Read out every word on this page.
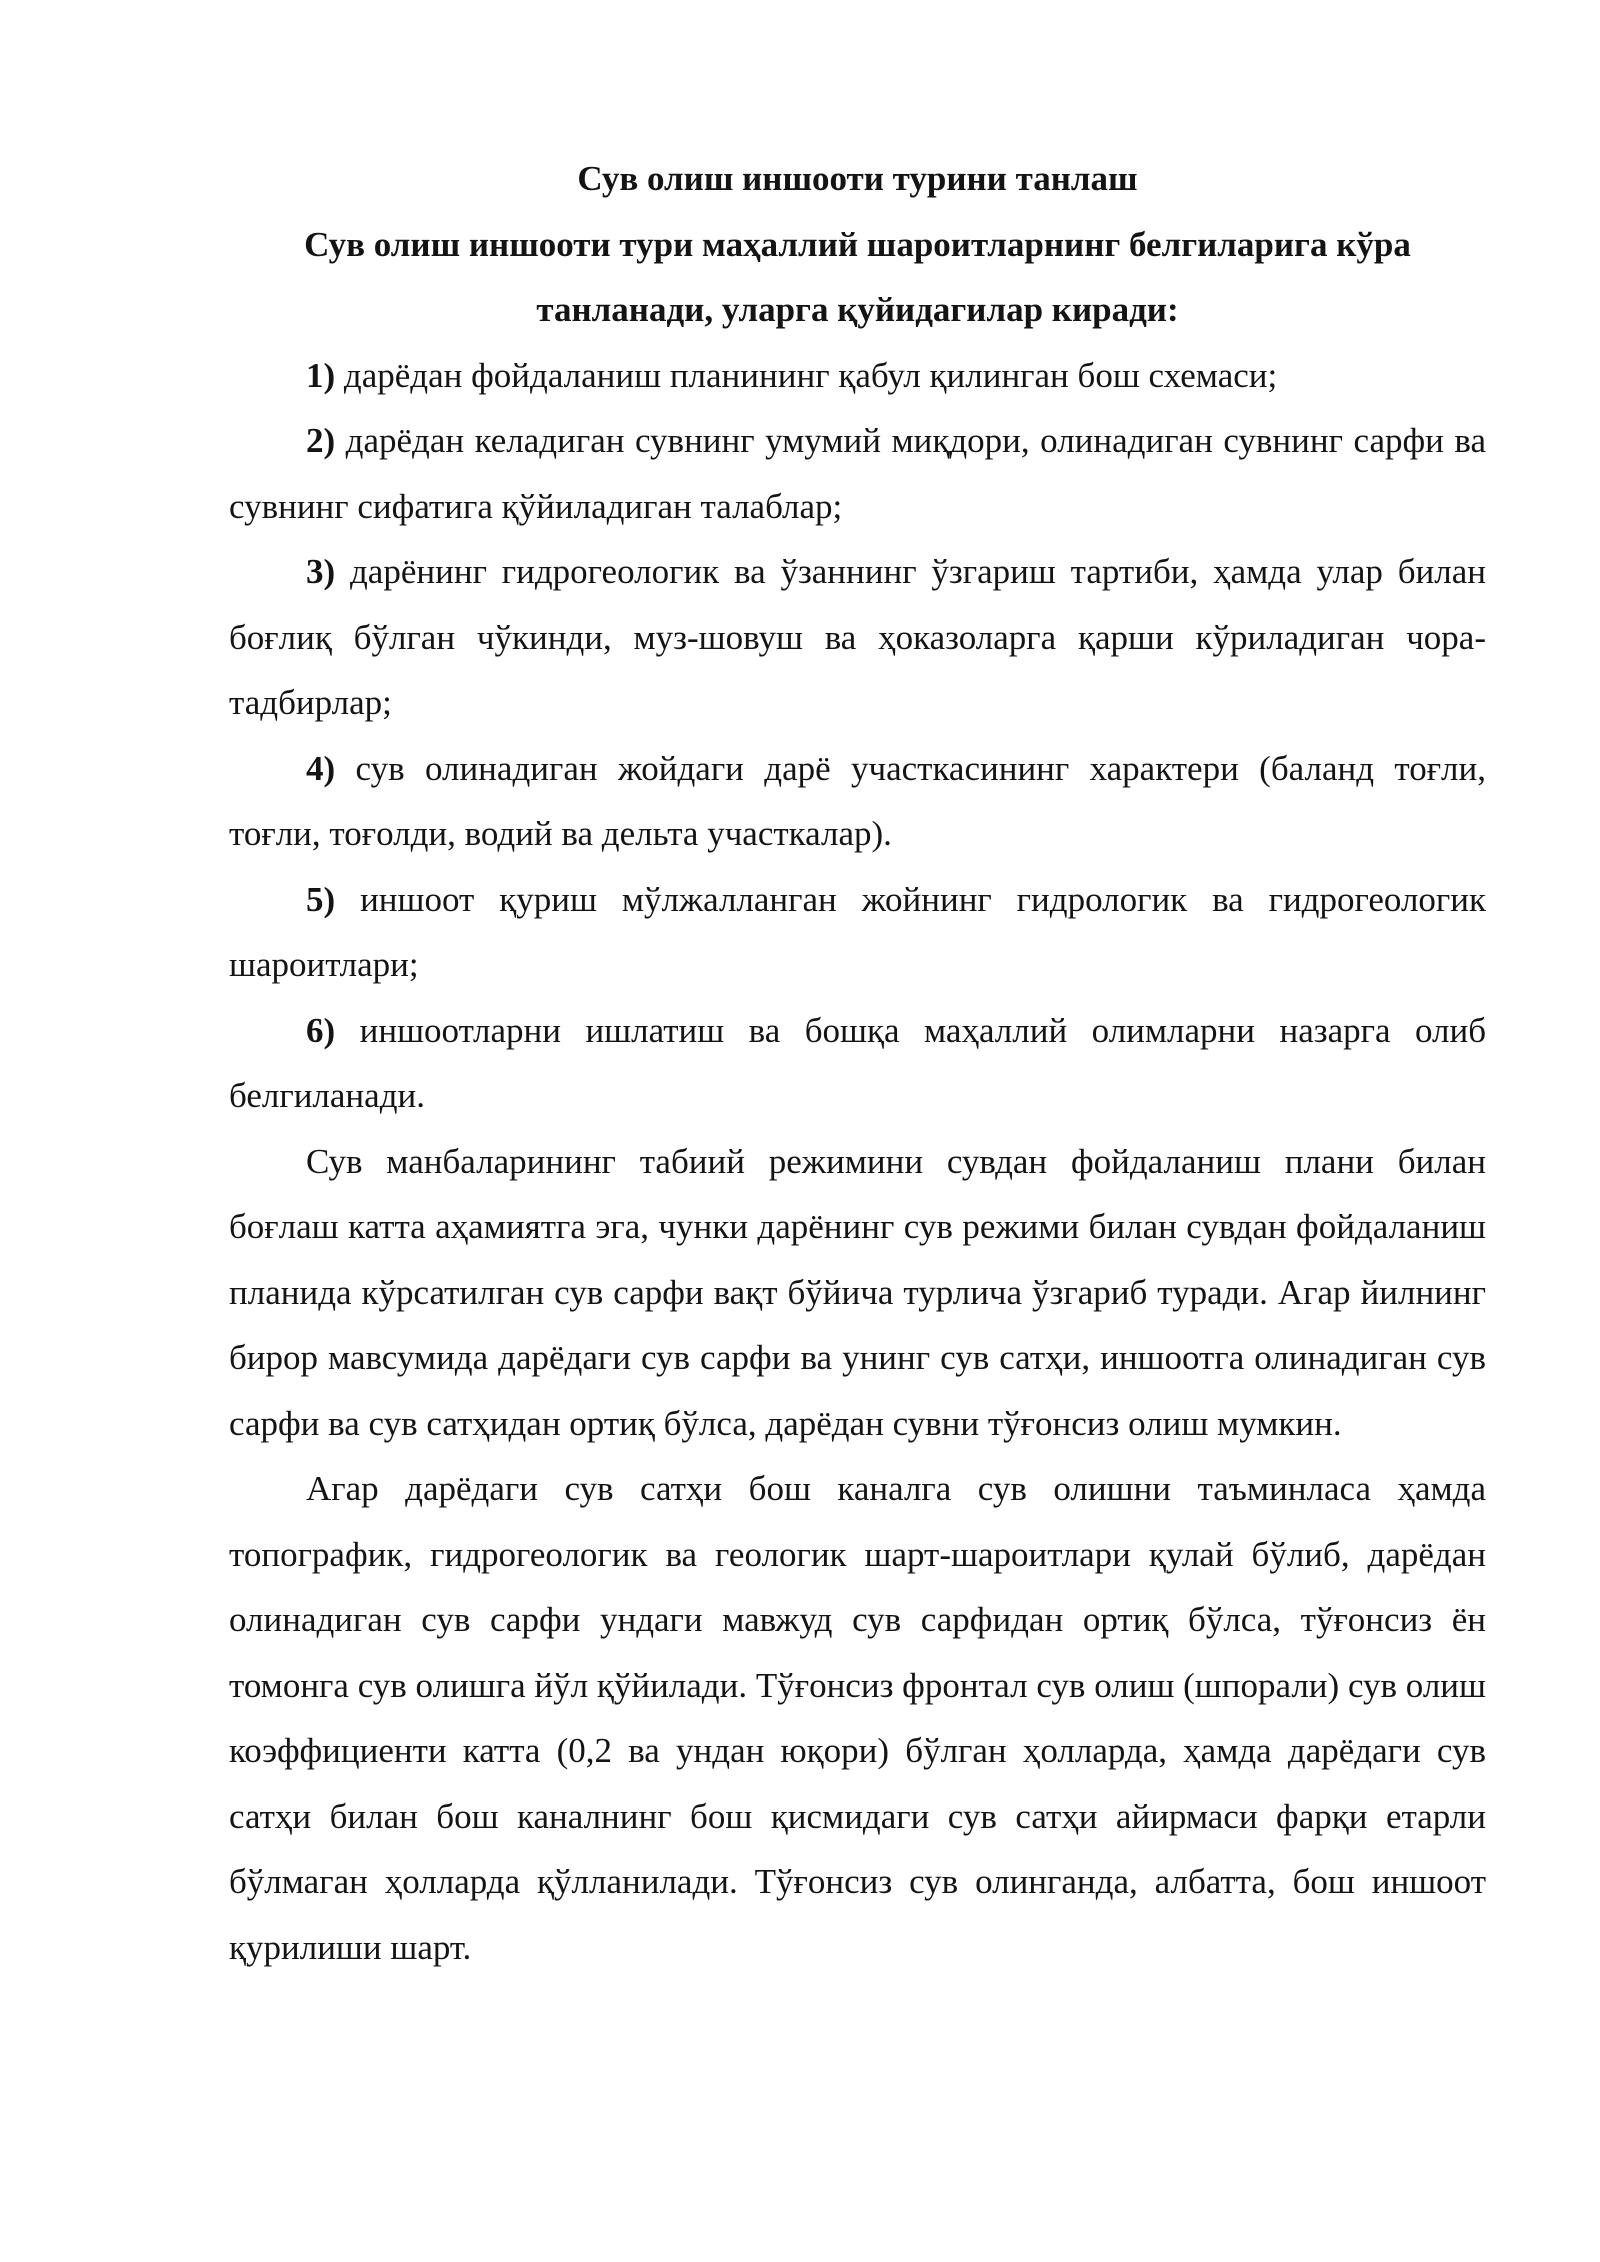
Сув олиш иншооти турини танлаш

Сув олиш иншооти тури маҳаллий шароитларнинг белгиларига кўра танланади, уларга қуйидагилар киради:

1) дарёдан фойдаланиш планининг қабул қилинган бош схемаси;

2) дарёдан келадиган сувнинг умумий миқдори, олинадиган сувнинг сарфи ва сувнинг сифатига қўйиладиган талаблар;

3) дарёнинг гидрогеологик ва ўзаннинг ўзгариш тартиби, ҳамда улар билан боғлиқ бўлган чўкинди, муз-шовуш ва ҳоказоларга қарши кўриладиган чора-тадбирлар;

4) сув олинадиган жойдаги дарё участкасининг характери (баланд тоғли, тоғли, тоғолди, водий ва дельта участкалар).

5) иншоот қуриш мўлжалланган жойнинг гидрологик ва гидрогеологик шароитлари;

6) иншоотларни ишлатиш ва бошқа маҳаллий олимларни назарга олиб белгиланади.

Сув манбаларининг табиий режимини сувдан фойдаланиш плани билан боғлаш катта аҳамиятга эга, чунки дарёнинг сув режими билан сувдан фойдаланиш планида кўрсатилган сув сарфи вақт бўйича турлича ўзгариб туради. Агар йилнинг бирор мавсумида дарёдаги сув сарфи ва унинг сув сатҳи, иншоотга олинадиган сув сарфи ва сув сатҳидан ортиқ бўлса, дарёдан сувни тўғонсиз олиш мумкин.

Агар дарёдаги сув сатҳи бош каналга сув олишни таъминласа ҳамда топографик, гидрогеологик ва геологик шарт-шароитлари қулай бўлиб, дарёдан олинадиган сув сарфи ундаги мавжуд сув сарфидан ортиқ бўлса, тўғонсиз ён томонга сув олишга йўл қўйилади. Тўғонсиз фронтал сув олиш (шпорали) сув олиш коэффициенти катта (0,2 ва ундан юқори) бўлган ҳолларда, ҳамда дарёдаги сув сатҳи билан бош каналнинг бош қисмидаги сув сатҳи айирмаси фарқи етарли бўлмаган ҳолларда қўлланилади. Тўғонсиз сув олинганда, албатта, бош иншоот қурилиши шарт.
